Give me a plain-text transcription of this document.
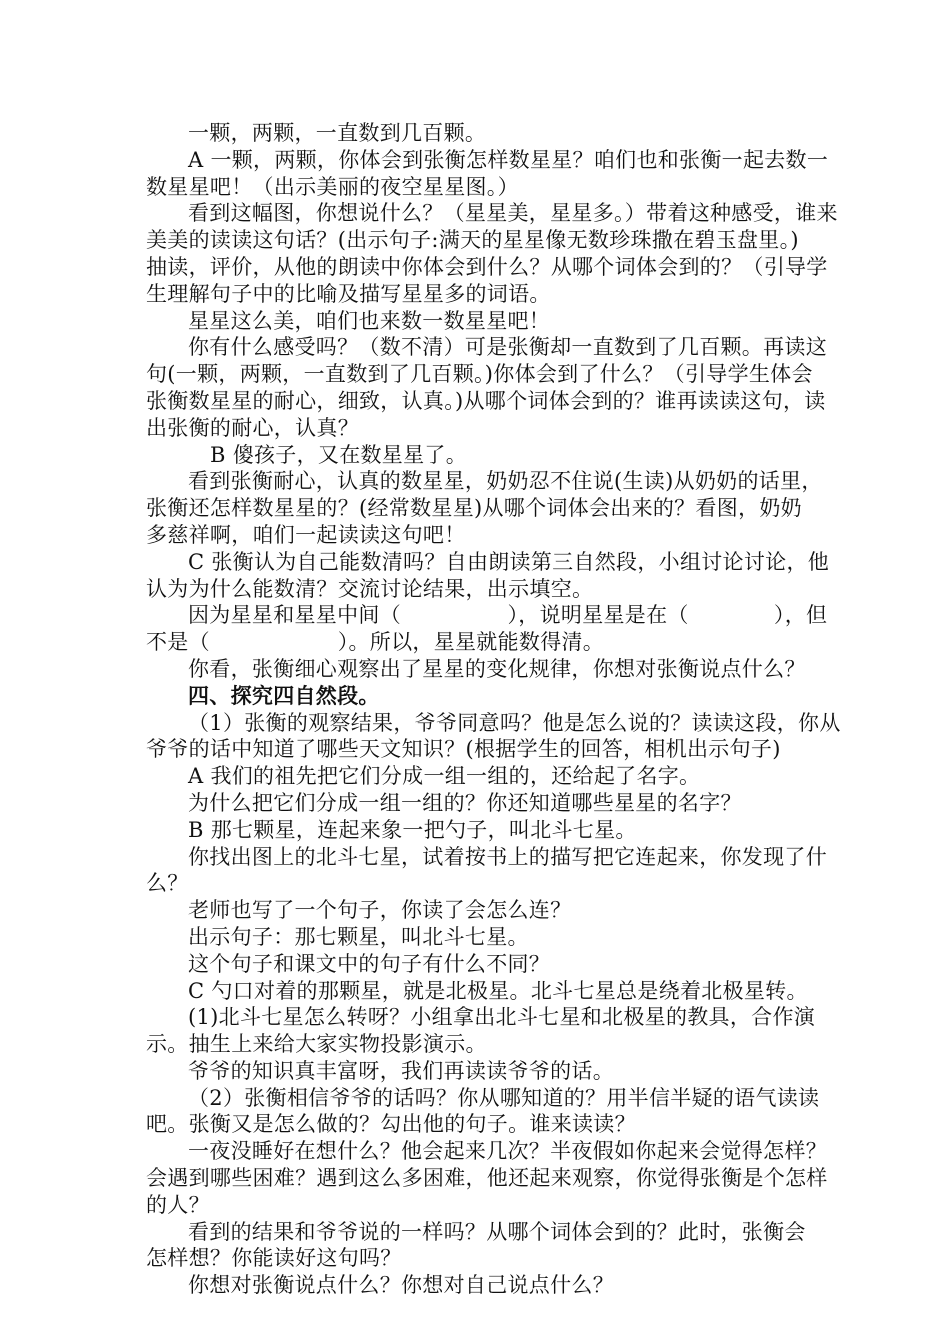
一颗，两颗，一直数到几百颗。
A 一颗，两颗，你体会到张衡怎样数星星？咱们也和张衡一起去数一
数星星吧！（出示美丽的夜空星星图。）
看到这幅图，你想说什么？（星星美，星星多。）带着这种感受，谁来
美美的读读这句话？(出示句子:满天的星星像无数珍珠撒在碧玉盘里。)
抽读，评价，从他的朗读中你体会到什么？从哪个词体会到的？（引导学
生理解句子中的比喻及描写星星多的词语。
星星这么美，咱们也来数一数星星吧！
你有什么感受吗？（数不清）可是张衡却一直数到了几百颗。再读这
句(一颗，两颗，一直数到了几百颗。)你体会到了什么？（引导学生体会
张衡数星星的耐心，细致，认真。)从哪个词体会到的？谁再读读这句，读
出张衡的耐心，认真？
B 傻孩子，又在数星星了。
看到张衡耐心，认真的数星星，奶奶忍不住说(生读)从奶奶的话里，
张衡还怎样数星星的？(经常数星星)从哪个词体会出来的？看图，奶奶
多慈祥啊，咱们一起读读这句吧！
C 张衡认为自己能数清吗？自由朗读第三自然段，小组讨论讨论，他
认为为什么能数清？交流讨论结果，出示填空。
因为星星和星星中间（　　　　　），说明星星是在（　　　　），但
不是（　　　　　　）。所以，星星就能数得清。
你看，张衡细心观察出了星星的变化规律，你想对张衡说点什么？
四、探究四自然段。
（1）张衡的观察结果，爷爷同意吗？他是怎么说的？读读这段，你从
爷爷的话中知道了哪些天文知识？(根据学生的回答，相机出示句子)
A 我们的祖先把它们分成一组一组的，还给起了名字。
为什么把它们分成一组一组的？你还知道哪些星星的名字？
B 那七颗星，连起来象一把勺子，叫北斗七星。
你找出图上的北斗七星，试着按书上的描写把它连起来，你发现了什
么？
老师也写了一个句子，你读了会怎么连？
出示句子：那七颗星，叫北斗七星。
这个句子和课文中的句子有什么不同？
C 勺口对着的那颗星，就是北极星。北斗七星总是绕着北极星转。
(1)北斗七星怎么转呀？小组拿出北斗七星和北极星的教具，合作演
示。抽生上来给大家实物投影演示。
爷爷的知识真丰富呀，我们再读读爷爷的话。
（2）张衡相信爷爷的话吗？你从哪知道的？用半信半疑的语气读读
吧。张衡又是怎么做的？勾出他的句子。谁来读读？
一夜没睡好在想什么？他会起来几次？半夜假如你起来会觉得怎样？
会遇到哪些困难？遇到这么多困难，他还起来观察，你觉得张衡是个怎样
的人？
看到的结果和爷爷说的一样吗？从哪个词体会到的？此时，张衡会
怎样想？你能读好这句吗？
你想对张衡说点什么？你想对自己说点什么？
